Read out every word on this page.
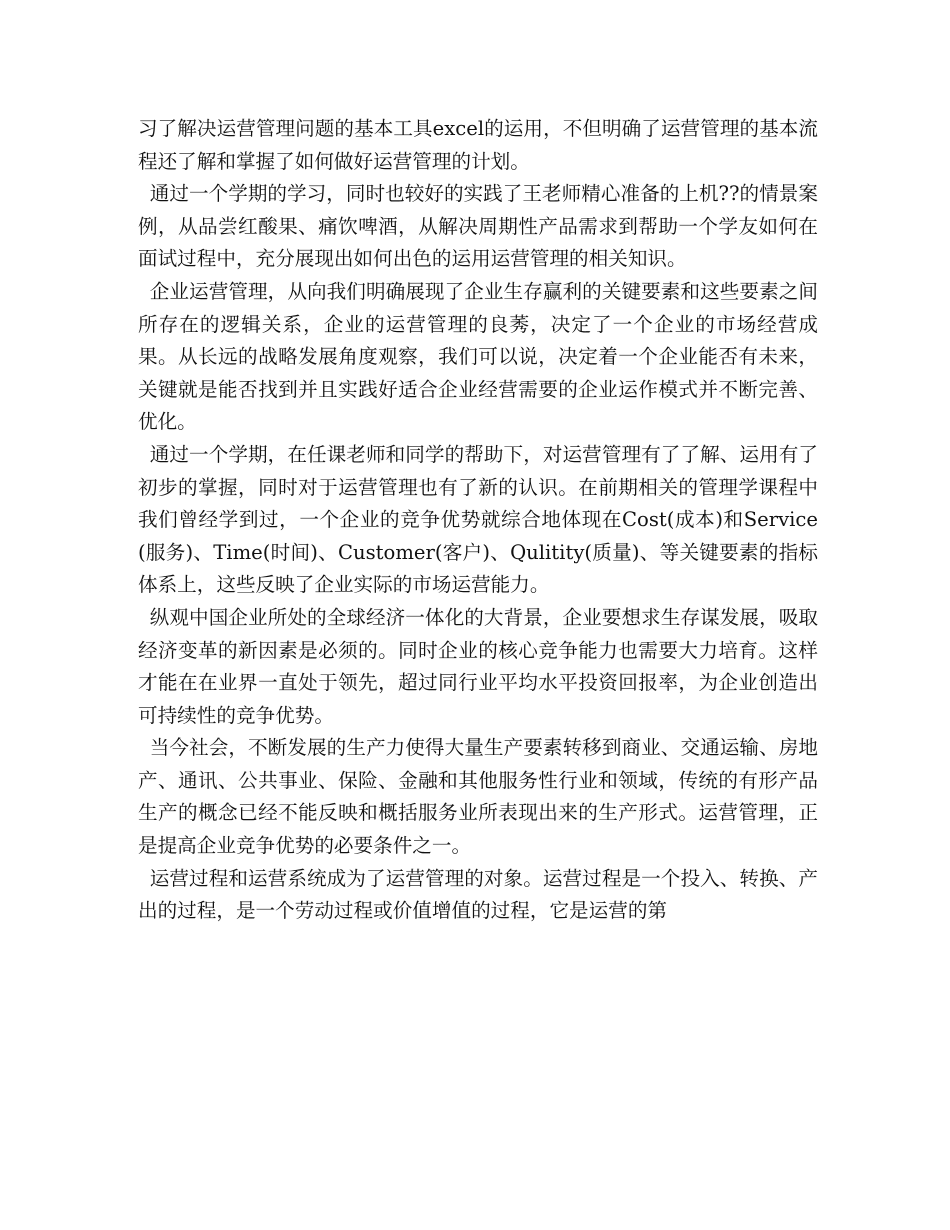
习了解决运营管理问题的基本工具excel的运用，不但明确了运营管理的基本流程还了解和掌握了如何做好运营管理的计划。

通过一个学期的学习，同时也较好的实践了王老师精心准备的上机??的情景案例，从品尝红酸果、痛饮啤酒，从解决周期性产品需求到帮助一个学友如何在面试过程中，充分展现出如何出色的运用运营管理的相关知识。

企业运营管理，从向我们明确展现了企业生存赢利的关键要素和这些要素之间所存在的逻辑关系，企业的运营管理的良莠，决定了一个企业的市场经营成果。从长远的战略发展角度观察，我们可以说，决定着一个企业能否有未来，关键就是能否找到并且实践好适合企业经营需要的企业运作模式并不断完善、优化。

通过一个学期，在任课老师和同学的帮助下，对运营管理有了了解、运用有了初步的掌握，同时对于运营管理也有了新的认识。在前期相关的管理学课程中我们曾经学到过，一个企业的竞争优势就综合地体现在Cost(成本)和Service(服务)、Time(时间)、Customer(客户)、Qulitity(质量)、等关键要素的指标体系上，这些反映了企业实际的市场运营能力。

纵观中国企业所处的全球经济一体化的大背景，企业要想求生存谋发展，吸取经济变革的新因素是必须的。同时企业的核心竞争能力也需要大力培育。这样才能在在业界一直处于领先，超过同行业平均水平投资回报率，为企业创造出可持续性的竞争优势。

当今社会，不断发展的生产力使得大量生产要素转移到商业、交通运输、房地产、通讯、公共事业、保险、金融和其他服务性行业和领域，传统的有形产品生产的概念已经不能反映和概括服务业所表现出来的生产形式。运营管理，正是提高企业竞争优势的必要条件之一。

运营过程和运营系统成为了运营管理的对象。运营过程是一个投入、转换、产出的过程，是一个劳动过程或价值增值的过程，它是运营的第
